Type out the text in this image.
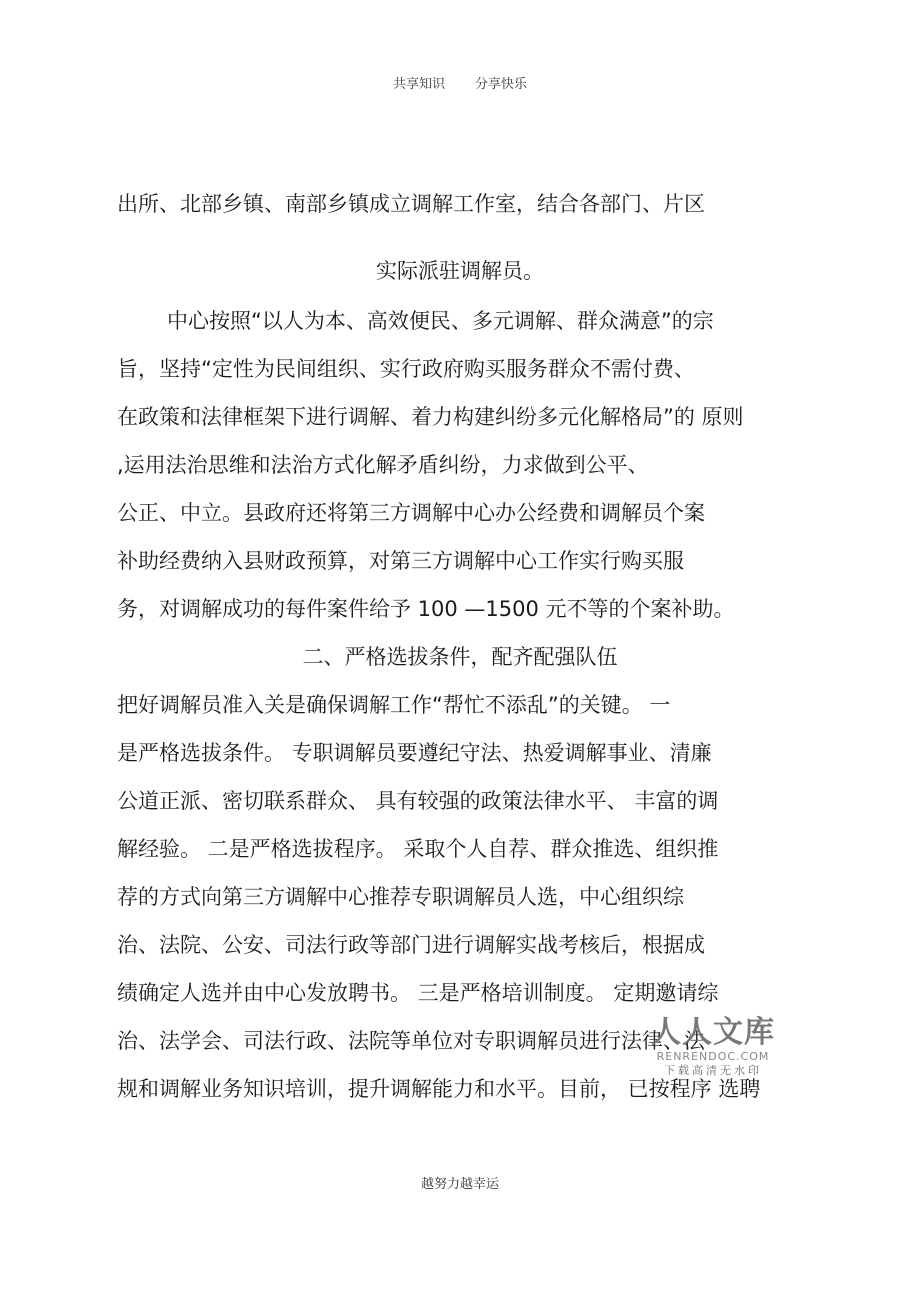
共享知识 分享快乐
出所、北部乡镇、南部乡镇成立调解工作室，结合各部门、片区
实际派驻调解员。
中心按照“以人为本、高效便民、多元调解、群众满意”的宗
旨，坚持“定性为民间组织、实行政府购买服务群众不需付费、
在政策和法律框架下进行调解、着力构建纠纷多元化解格局”的 原则
,运用法治思维和法治方式化解矛盾纠纷，力求做到公平、
公正、中立。县政府还将第三方调解中心办公经费和调解员个案
补助经费纳入县财政预算，对第三方调解中心工作实行购买服
务，对调解成功的每件案件给予 100 —1500 元不等的个案补助。
二、严格选拔条件，配齐配强队伍
把好调解员准入关是确保调解工作“帮忙不添乱”的关键。 一
是严格选拔条件。 专职调解员要遵纪守法、热爱调解事业、清廉
公道正派、密切联系群众、 具有较强的政策法律水平、 丰富的调
解经验。 二是严格选拔程序。 采取个人自荐、群众推选、组织推
荐的方式向第三方调解中心推荐专职调解员人选，中心组织综
治、法院、公安、司法行政等部门进行调解实战考核后，根据成
绩确定人选并由中心发放聘书。 三是严格培训制度。 定期邀请综
治、法学会、司法行政、法院等单位对专职调解员进行法律、法
规和调解业务知识培训，提升调解能力和水平。目前， 已按程序 选聘
人人文库
RENRENDOC.COM
下载高清无水印
越努力越幸运
